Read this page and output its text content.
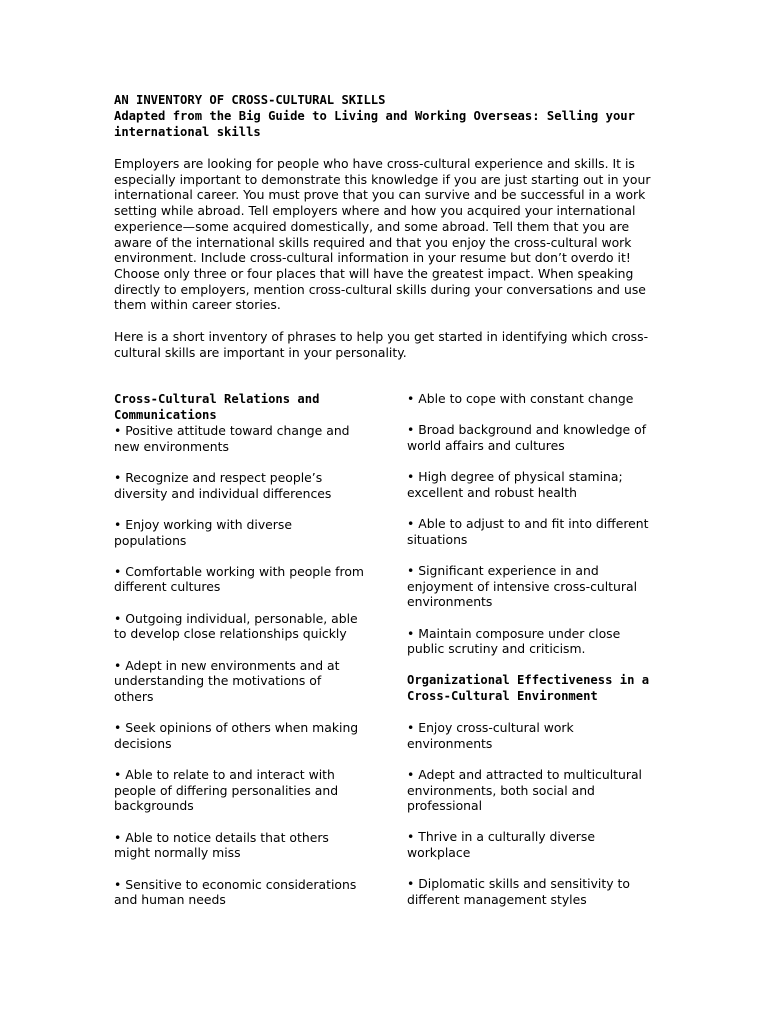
AN INVENTORY OF CROSS-CULTURAL SKILLS

Adapted from the Big Guide to Living and Working Overseas: Selling your international skills

Employers are looking for people who have cross-cultural experience and skills. It is especially important to demonstrate this knowledge if you are just starting out in your international career. You must prove that you can survive and be successful in a work setting while abroad. Tell employers where and how you acquired your international experience—some acquired domestically, and some abroad. Tell them that you are aware of the international skills required and that you enjoy the cross-cultural work environment. Include cross-cultural information in your resume but don’t overdo it! Choose only three or four places that will have the greatest impact. When speaking directly to employers, mention cross-cultural skills during your conversations and use them within career stories.

Here is a short inventory of phrases to help you get started in identifying which cross-cultural skills are important in your personality.

Cross-Cultural Relations and Communications

• Positive attitude toward change and new environments

• Recognize and respect people’s diversity and individual differences

• Enjoy working with diverse populations

• Comfortable working with people from different cultures

• Outgoing individual, personable, able to develop close relationships quickly

• Adept in new environments and at understanding the motivations of others

• Seek opinions of others when making decisions

• Able to relate to and interact with people of differing personalities and backgrounds

• Able to notice details that others might normally miss

• Sensitive to economic considerations and human needs

• Able to cope with constant change

• Broad background and knowledge of world affairs and cultures

• High degree of physical stamina; excellent and robust health

• Able to adjust to and fit into different situations

• Significant experience in and enjoyment of intensive cross-cultural environments

• Maintain composure under close public scrutiny and criticism.

Organizational Effectiveness in a Cross-Cultural Environment

• Enjoy cross-cultural work environments

• Adept and attracted to multicultural environments, both social and professional

• Thrive in a culturally diverse workplace

• Diplomatic skills and sensitivity to different management styles
